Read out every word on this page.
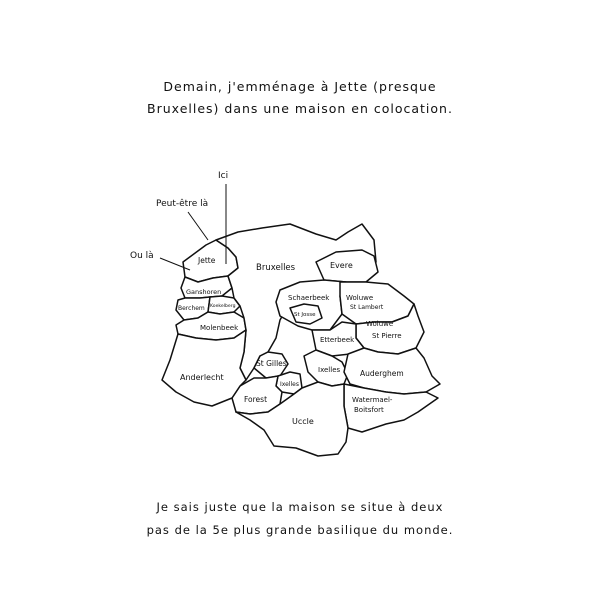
Demain, j'emménage à Jette (presque
Bruxelles) dans une maison en colocation.
Ici
Peut-être là
Ou là	Jette
Bruxelles	Evere
Ganshoren
Koekelberg
Berchem
Molenbeek
Schaerbeek
St Josse
Woluwe St Lambert
Woluwe St Pierre
Etterbeek
Anderlecht
St Gilles
Ixelles
Ixelles	Auderghem
Forest
Uccle
Watermael-Boitsfort
Je sais juste que la maison se situe à deux
pas de la 5e plus grande basilique du monde.
